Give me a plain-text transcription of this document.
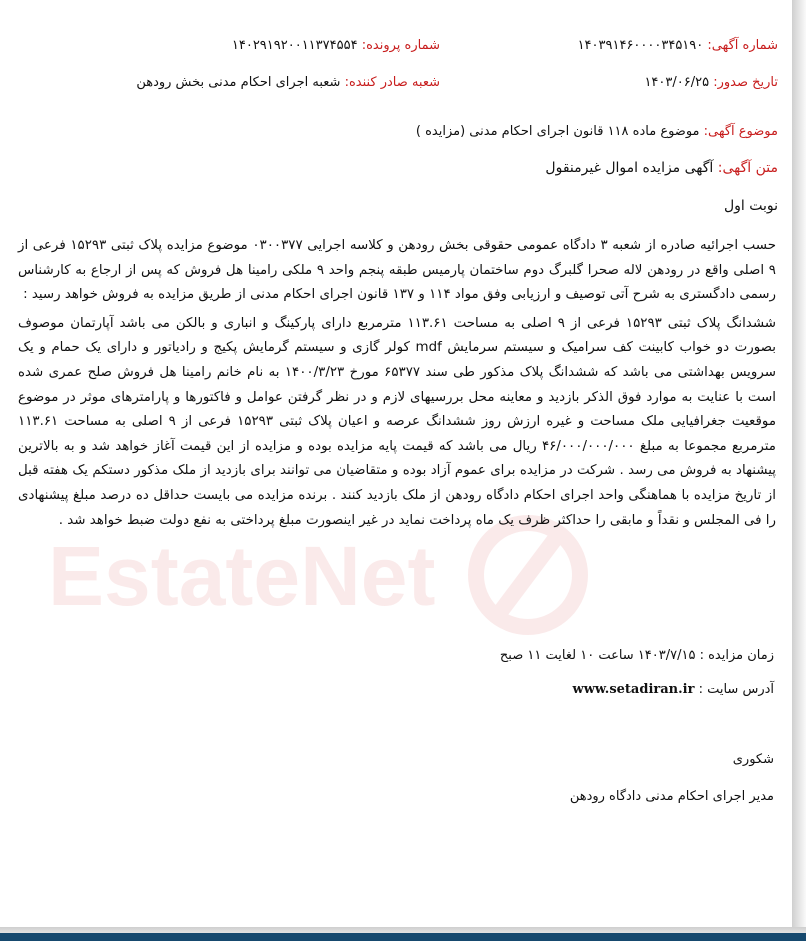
EstateNet
شماره آگهی: ۱۴۰۳۹۱۴۶۰۰۰۰۳۴۵۱۹۰
شماره پرونده: ۱۴۰۲۹۱۹۲۰۰۱۱۳۷۴۵۵۴
تاریخ صدور: ۱۴۰۳/۰۶/۲۵
شعبه صادر کننده: شعبه اجرای احکام مدنی بخش رودهن
موضوع آگهی: موضوع ماده ۱۱۸ قانون اجرای احکام مدنی (مزایده )
متن آگهی: آگهی مزایده اموال غیرمنقول
نوبت اول

حسب اجرائیه صادره از شعبه ۳ دادگاه عمومی حقوقی بخش رودهن و کلاسه اجرایی ۰۳۰۰۳۷۷ موضوع مزایده پلاک ثبتی ۱۵۲۹۳ فرعی از ۹ اصلی واقع در رودهن لاله صحرا گلبرگ دوم ساختمان پارمیس طبقه پنجم واحد ۹ ملکی رامینا هل فروش که پس از ارجاع به کارشناس رسمی دادگستری به شرح آتی توصیف و ارزیابی وفق مواد ۱۱۴ و ۱۳۷ قانون اجرای احکام مدنی از طریق مزایده به فروش خواهد رسید :

ششدانگ پلاک ثبتی ۱۵۲۹۳ فرعی از ۹ اصلی به مساحت ۱۱۳.۶۱ مترمربع دارای پارکینگ و انباری و بالکن می باشد آپارتمان موصوف بصورت دو خواب کابینت کف سرامیک و سیستم سرمایش mdf کولر گازی و سیستم گرمایش پکیج و رادیاتور و دارای یک حمام و یک سرویس بهداشتی می باشد که ششدانگ پلاک مذکور طی سند ۶۵۳۷۷ مورخ ۱۴۰۰/۳/۲۳ به نام خانم رامینا هل فروش صلح عمری شده است با عنایت به موارد فوق الذکر بازدید و معاینه محل بررسیهای لازم و در نظر گرفتن عوامل و فاکتورها و پارامترهای موثر در موضوع موقعیت جغرافیایی ملک مساحت و غیره ارزش روز ششدانگ عرصه و اعیان پلاک ثبتی ۱۵۲۹۳ فرعی از ۹ اصلی به مساحت ۱۱۳.۶۱ مترمربع مجموعا به مبلغ ۴۶/۰۰۰/۰۰۰/۰۰۰ ریال می باشد که قیمت پایه مزایده بوده و مزایده از این قیمت آغاز خواهد شد و به بالاترین پیشنهاد به فروش می رسد . شرکت در مزایده برای عموم آزاد بوده و متقاضیان می توانند برای بازدید از ملک مذکور دستکم یک هفته قبل از تاریخ مزایده با هماهنگی واحد اجرای احکام دادگاه رودهن از ملک بازدید کنند . برنده مزایده می بایست حداقل ده درصد مبلغ پیشنهادی را فی المجلس و نقداً و مابقی را حداکثر ظرف یک ماه پرداخت نماید در غیر اینصورت مبلغ پرداختی به نفع دولت ضبط خواهد شد .

زمان مزایده : ۱۴۰۳/۷/۱۵ ساعت ۱۰ لغایت ۱۱ صبح
آدرس سایت : www.setadiran.ir
شکوری
مدیر اجرای احکام مدنی دادگاه رودهن
